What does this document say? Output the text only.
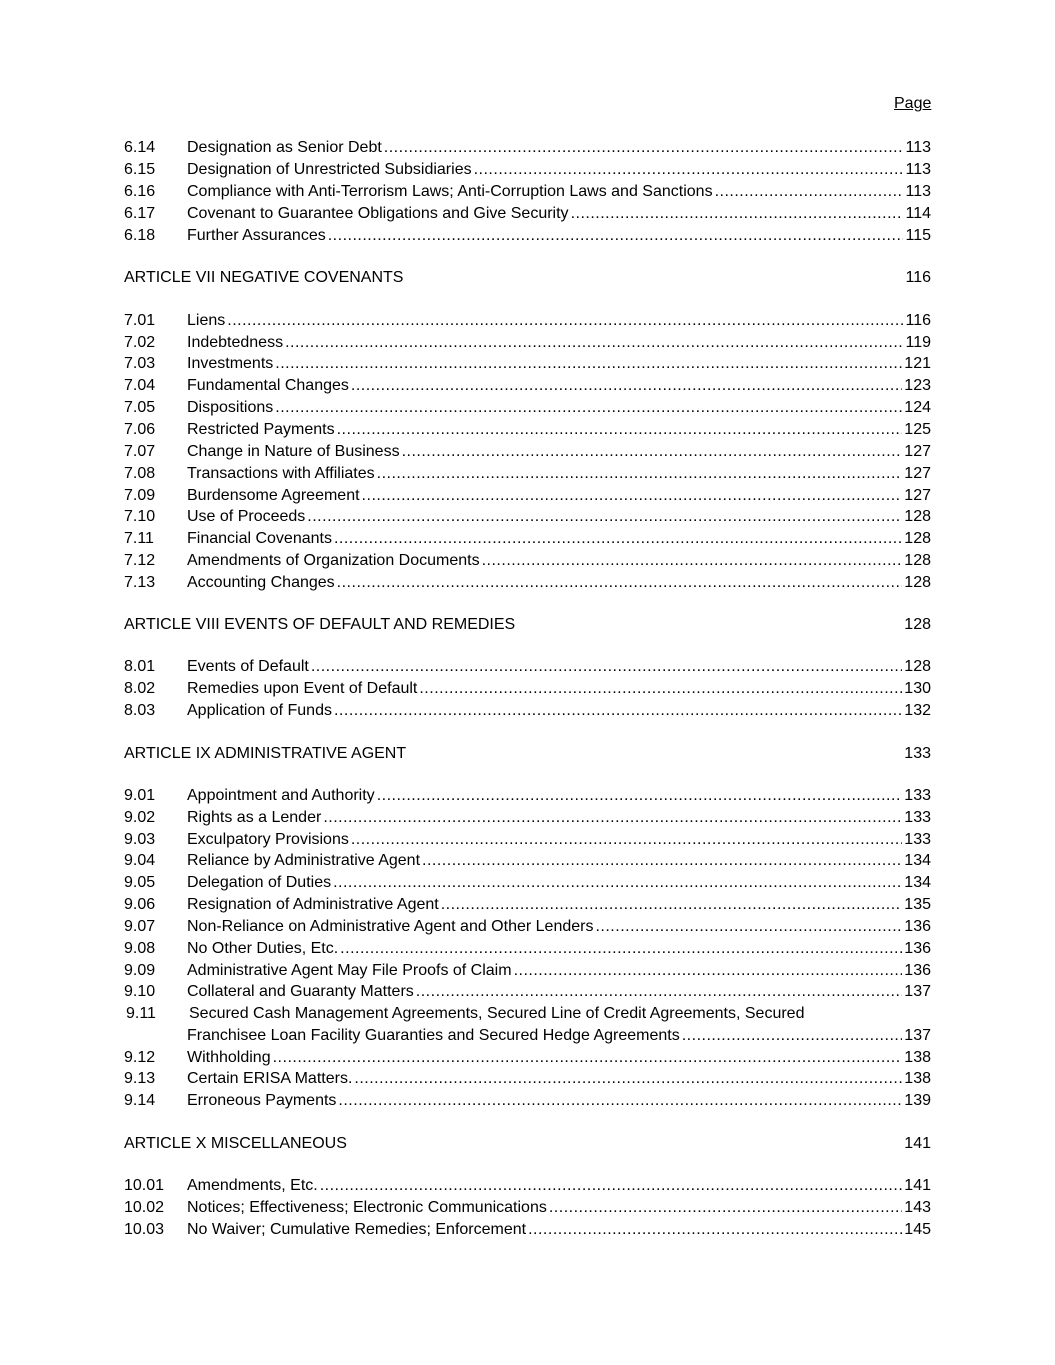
Page
6.14 Designation as Senior Debt .....	113
6.15 Designation of Unrestricted Subsidiaries .....	113
6.16 Compliance with Anti-Terrorism Laws; Anti-Corruption Laws and Sanctions .....	113
6.17 Covenant to Guarantee Obligations and Give Security .....	114
6.18 Further Assurances .....	115
ARTICLE VII NEGATIVE COVENANTS	116
7.01 Liens .....	116
7.02 Indebtedness .....	119
7.03 Investments .....	121
7.04 Fundamental Changes .....	123
7.05 Dispositions .....	124
7.06 Restricted Payments .....	125
7.07 Change in Nature of Business .....	127
7.08 Transactions with Affiliates .....	127
7.09 Burdensome Agreement .....	127
7.10 Use of Proceeds .....	128
7.11 Financial Covenants .....	128
7.12 Amendments of Organization Documents .....	128
7.13 Accounting Changes .....	128
ARTICLE VIII EVENTS OF DEFAULT AND REMEDIES	128
8.01 Events of Default .....	128
8.02 Remedies upon Event of Default .....	130
8.03 Application of Funds .....	132
ARTICLE IX ADMINISTRATIVE AGENT	133
9.01 Appointment and Authority .....	133
9.02 Rights as a Lender .....	133
9.03 Exculpatory Provisions .....	133
9.04 Reliance by Administrative Agent .....	134
9.05 Delegation of Duties .....	134
9.06 Resignation of Administrative Agent .....	135
9.07 Non-Reliance on Administrative Agent and Other Lenders .....	136
9.08 No Other Duties, Etc. .....	136
9.09 Administrative Agent May File Proofs of Claim .....	136
9.10 Collateral and Guaranty Matters .....	137
9.11 Secured Cash Management Agreements, Secured Line of Credit Agreements, Secured
Franchisee Loan Facility Guaranties and Secured Hedge Agreements .....	137
9.12 Withholding .....	138
9.13 Certain ERISA Matters. .....	138
9.14 Erroneous Payments .....	139
ARTICLE X MISCELLANEOUS	141
10.01 Amendments, Etc. .....	141
10.02 Notices; Effectiveness; Electronic Communications .....	143
10.03 No Waiver; Cumulative Remedies; Enforcement .....	145
